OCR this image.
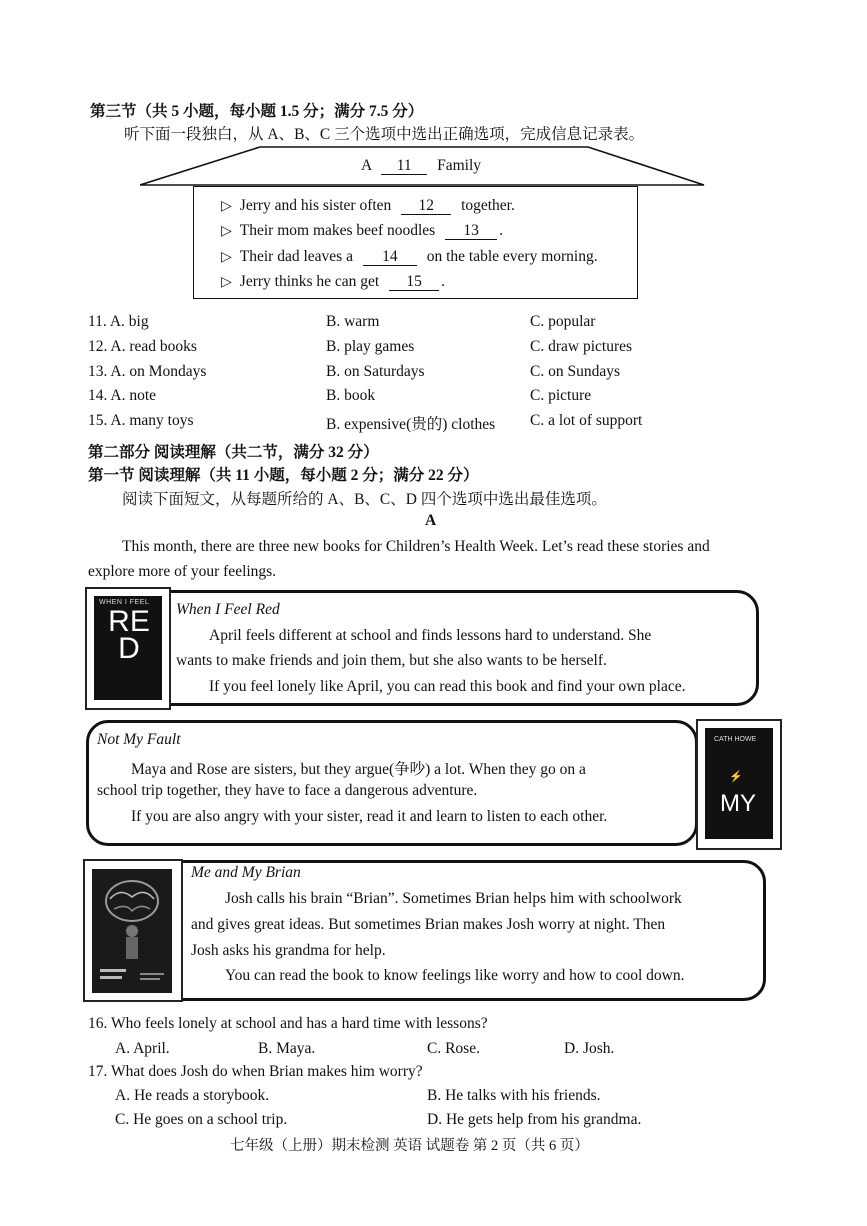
第三节（共 5 小题，每小题 1.5 分；满分 7.5 分）
听下面一段独白，从 A、B、C 三个选项中选出正确选项，完成信息记录表。
A 11 Family
▷ Jerry and his sister often 12 together.
▷ Their mom makes beef noodles 13 .
▷ Their dad leaves a 14 on the table every morning.
▷ Jerry thinks he can get 15 .
11. A. big	B. warm	C. popular
12. A. read books	B. play games	C. draw pictures
13. A. on Mondays	B. on Saturdays	C. on Sundays
14. A. note	B. book	C. picture
15. A. many toys	B. expensive(贵的) clothes C. a lot of support
第二部分 阅读理解（共二节，满分 32 分）
第一节 阅读理解（共 11 小题，每小题 2 分；满分 22 分）
阅读下面短文，从每题所给的 A、B、C、D 四个选项中选出最佳选项。
A
This month, there are three new books for Children’s Health Week. Let’s read these stories and
explore more of your feelings.
WHEN I FEEL
RED
When I Feel Red
April feels different at school and finds lessons hard to understand. She
wants to make friends and join them, but she also wants to be herself.
If you feel lonely like April, you can read this book and find your own place.
CATH HOWE
⚡
MY
Not My Fault
Maya and Rose are sisters, but they argue(争吵) a lot. When they go on a
school trip together, they have to face a dangerous adventure.
If you are also angry with your sister, read it and learn to listen to each other.
Me and My Brian
Josh calls his brain “Brian”. Sometimes Brian helps him with schoolwork
and gives great ideas. But sometimes Brian makes Josh worry at night. Then
Josh asks his grandma for help.
You can read the book to know feelings like worry and how to cool down.
16. Who feels lonely at school and has a hard time with lessons?
A. April.	B. Maya.	C. Rose.	D. Josh.
17. What does Josh do when Brian makes him worry?
A. He reads a storybook.	B. He talks with his friends.
C. He goes on a school trip.	D. He gets help from his grandma.
七年级（上册）期末检测 英语 试题卷 第 2 页（共 6 页）
